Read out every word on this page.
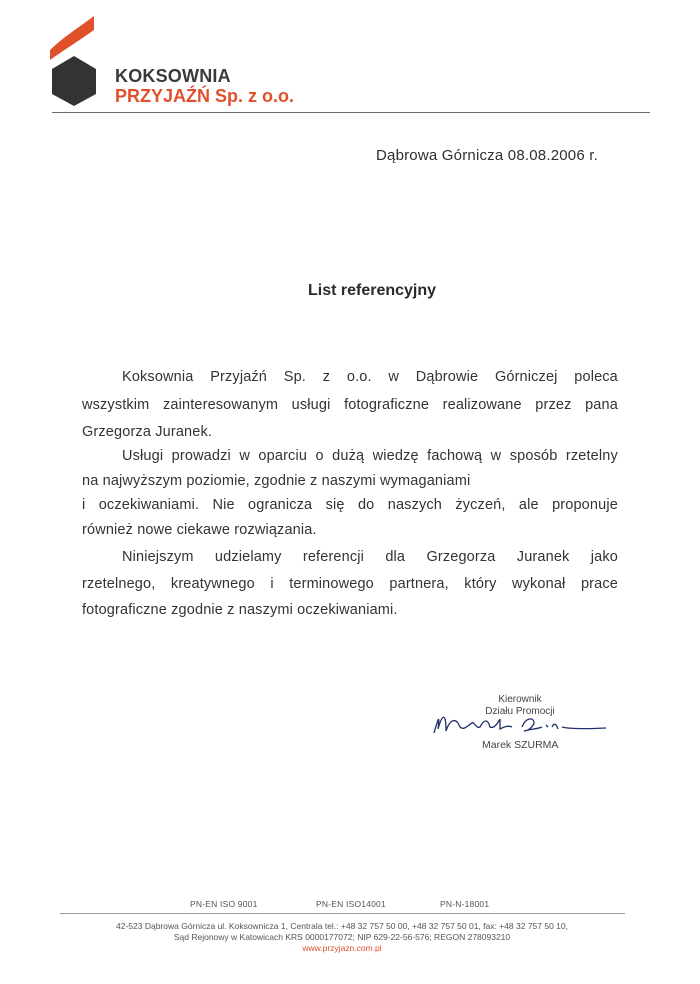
KOKSOWNIA
PRZYJAŹŃ Sp. z o.o.
Dąbrowa Górnicza 08.08.2006 r.
List referencyjny
Koksownia Przyjaźń Sp. z o.o. w Dąbrowie Górniczej poleca
wszystkim zainteresowanym usługi fotograficzne realizowane przez pana
Grzegorza Juranek.
Usługi prowadzi w oparciu o dużą wiedzę fachową w sposób rzetelny
na najwyższym poziomie, zgodnie z naszymi wymaganiami
i oczekiwaniami. Nie ogranicza się do naszych życzeń, ale proponuje
również nowe ciekawe rozwiązania.
Niniejszym udzielamy referencji dla Grzegorza Juranek jako
rzetelnego, kreatywnego i terminowego partnera, który wykonał prace
fotograficzne zgodnie z naszymi oczekiwaniami.
Kierownik
Działu Promocji
Marek SZURMA
PN-EN ISO 9001	PN-EN ISO14001	PN-N-18001
42-523 Dąbrowa Górnicza ul. Koksownicza 1, Centrala tel.: +48 32 757 50 00, +48 32 757 50 01, fax: +48 32 757 50 10,
Sąd Rejonowy w Katowicach KRS 0000177072; NIP 629-22-56-576; REGON 278093210
www.przyjazn.com.pl
